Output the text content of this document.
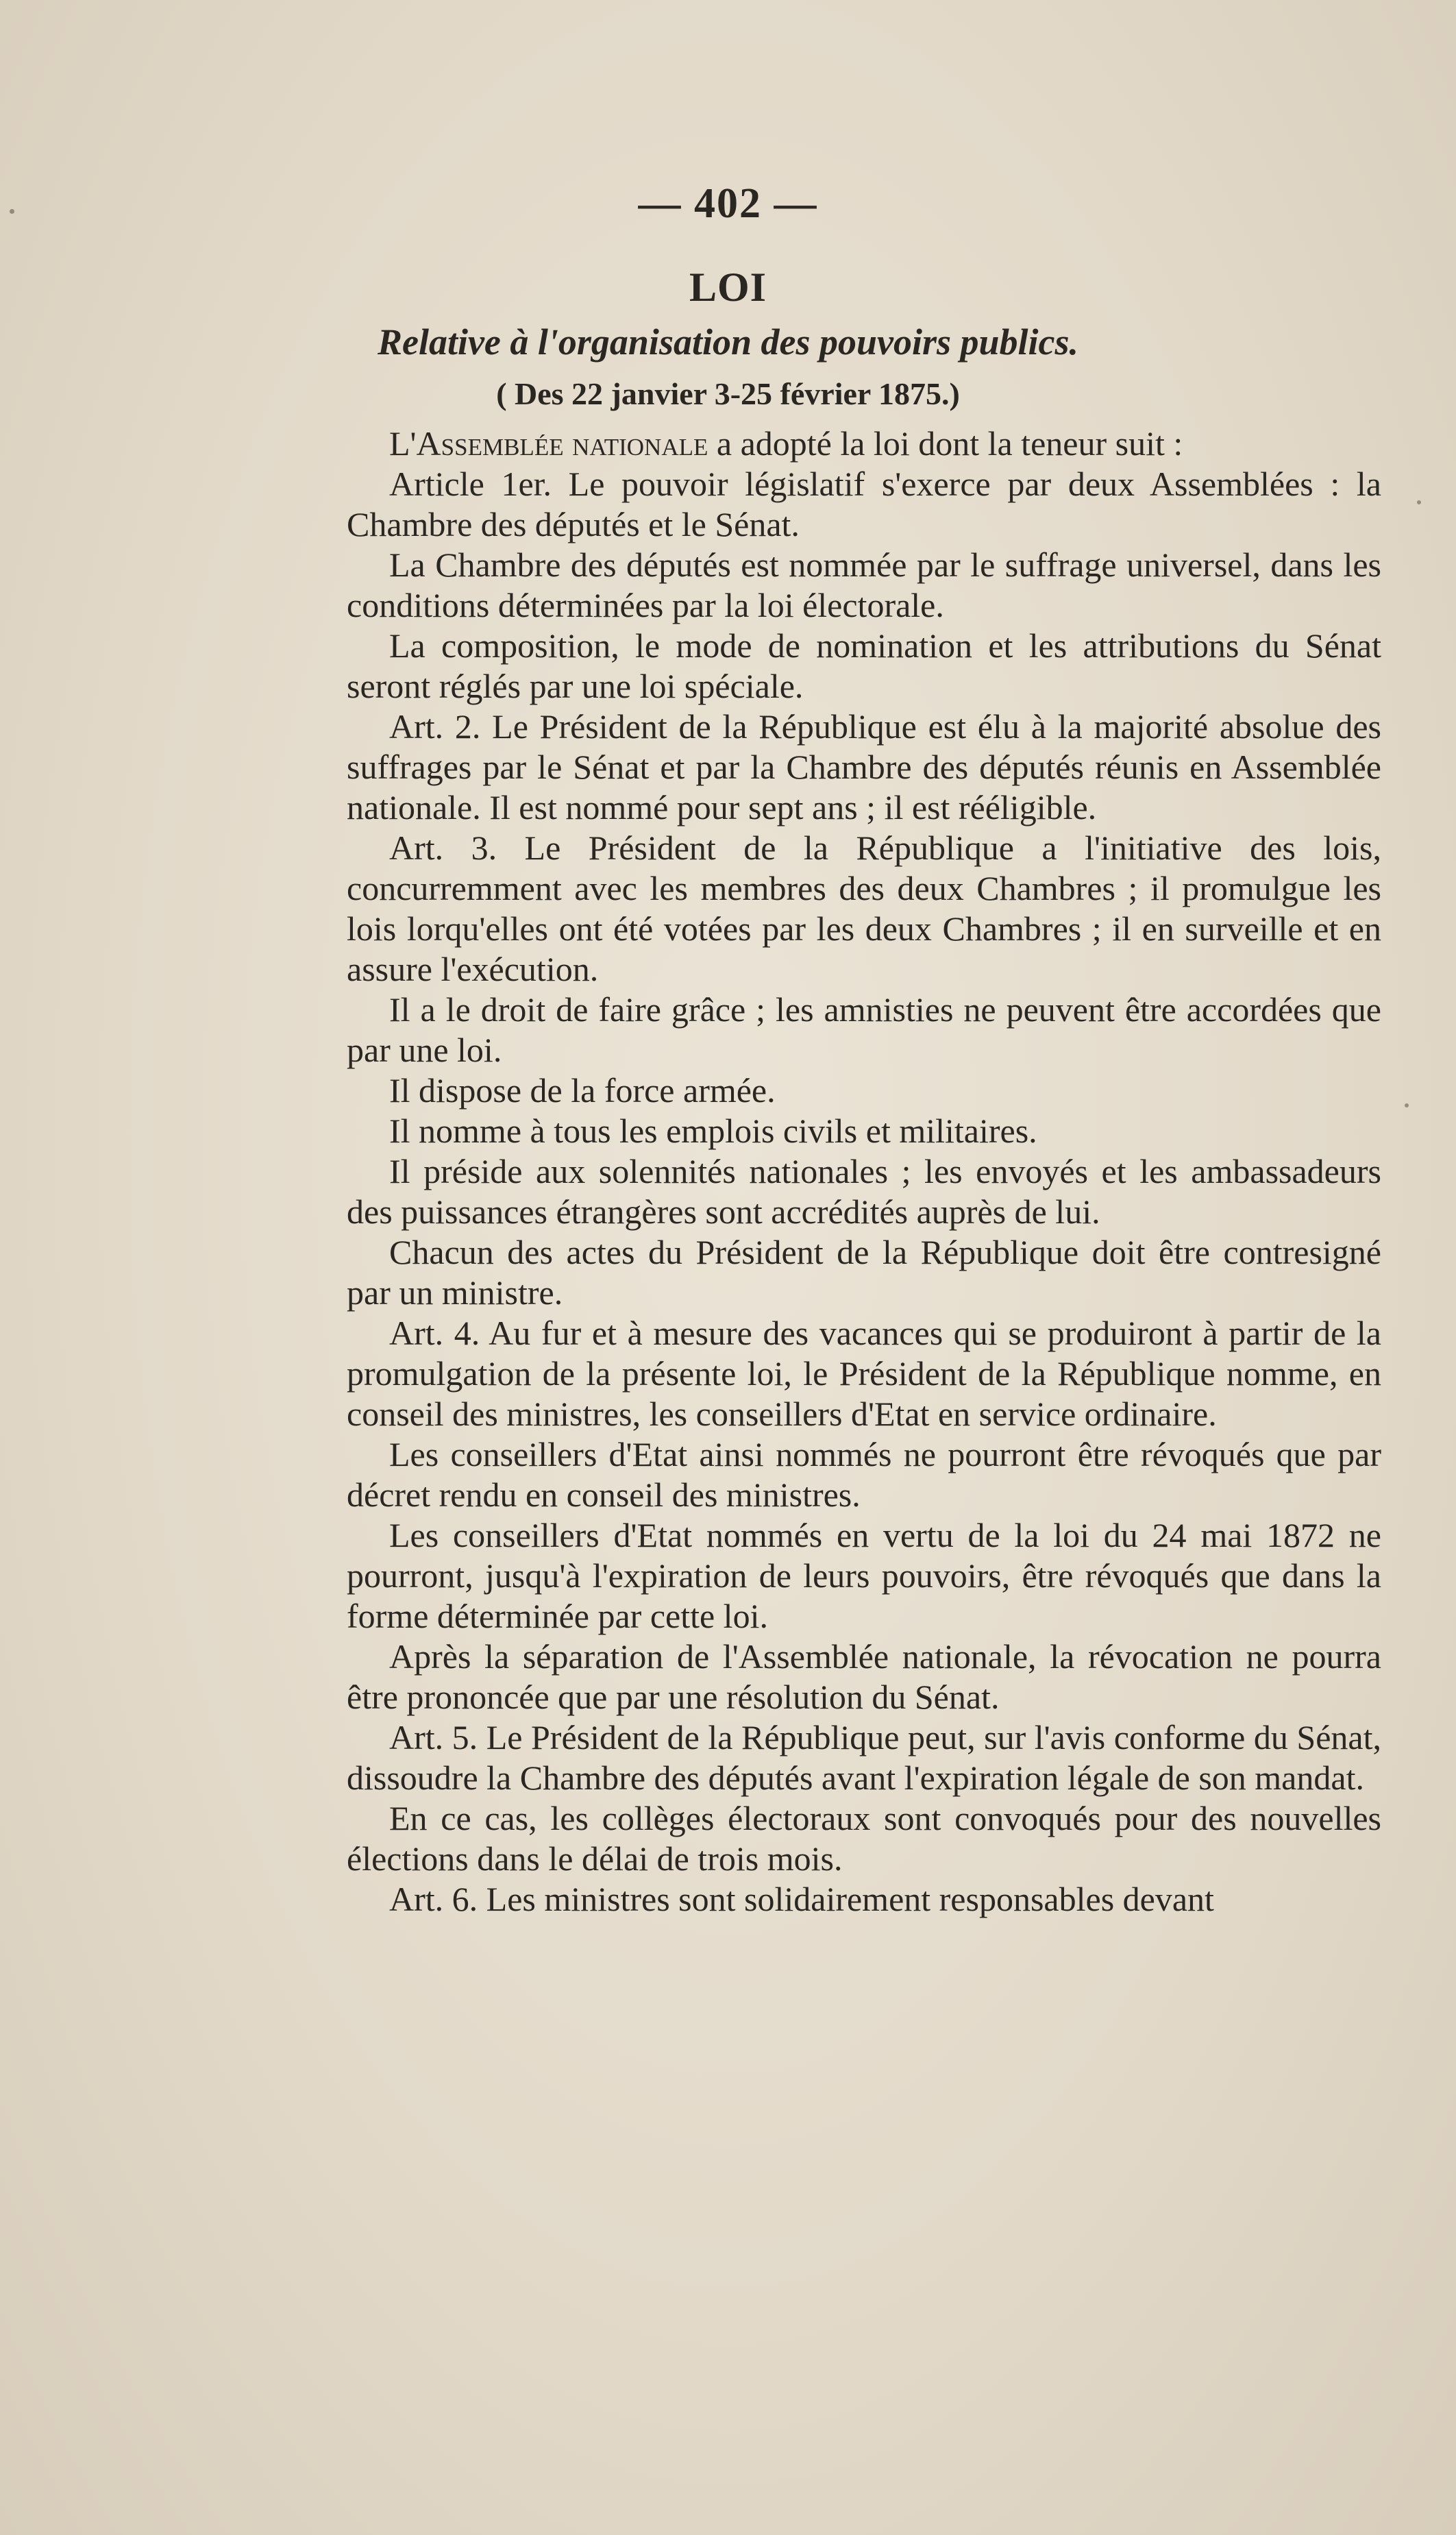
— 402 —
LOI
Relative à l'organisation des pouvoirs publics.
( Des 22 janvier 3-25 février 1875.)

L'Assemblée nationale a adopté la loi dont la teneur suit :

Article 1er. Le pouvoir législatif s'exerce par deux Assemblées : la Chambre des députés et le Sénat.

La Chambre des députés est nommée par le suffrage universel, dans les conditions déterminées par la loi électorale.

La composition, le mode de nomination et les attributions du Sénat seront réglés par une loi spéciale.

Art. 2. Le Président de la République est élu à la majorité absolue des suffrages par le Sénat et par la Chambre des députés réunis en Assemblée nationale. Il est nommé pour sept ans ; il est rééligible.

Art. 3. Le Président de la République a l'initiative des lois, concurremment avec les membres des deux Chambres ; il promulgue les lois lorqu'elles ont été votées par les deux Chambres ; il en surveille et en assure l'exécution.

Il a le droit de faire grâce ; les amnisties ne peuvent être accordées que par une loi.

Il dispose de la force armée.

Il nomme à tous les emplois civils et militaires.

Il préside aux solennités nationales ; les envoyés et les ambassadeurs des puissances étrangères sont accrédités auprès de lui.

Chacun des actes du Président de la République doit être contresigné par un ministre.

Art. 4. Au fur et à mesure des vacances qui se produiront à partir de la promulgation de la présente loi, le Président de la République nomme, en conseil des ministres, les conseillers d'Etat en service ordinaire.

Les conseillers d'Etat ainsi nommés ne pourront être révoqués que par décret rendu en conseil des ministres.

Les conseillers d'Etat nommés en vertu de la loi du 24 mai 1872 ne pourront, jusqu'à l'expiration de leurs pouvoirs, être révoqués que dans la forme déterminée par cette loi.

Après la séparation de l'Assemblée nationale, la révocation ne pourra être prononcée que par une résolution du Sénat.

Art. 5. Le Président de la République peut, sur l'avis conforme du Sénat, dissoudre la Chambre des députés avant l'expiration légale de son mandat.

En ce cas, les collèges électoraux sont convoqués pour des nouvelles élections dans le délai de trois mois.

Art. 6. Les ministres sont solidairement responsables devant
